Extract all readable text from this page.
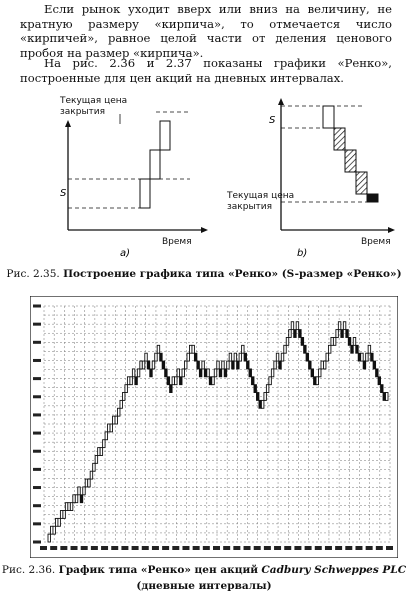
Если рынок уходит вверх или вниз на величину, не кратную размеру «кирпича», то отмечается число «кирпичей», равное целой части от деления ценового пробоя на размер «кирпича».
На рис. 2.36 и 2.37 показаны графики «Ренко», построенные для цен акций на дневных интервалах.
Текущая цена
закрытия
S
Время
a)
S
Текущая цена
закрытия
Время
b)
Рис. 2.35. Построение графика типа «Ренко» (S-размер «Ренко»)
Рис. 2.36. График типа «Ренко» цен акций Cadbury Schweppes PLC
(дневные интервалы)
